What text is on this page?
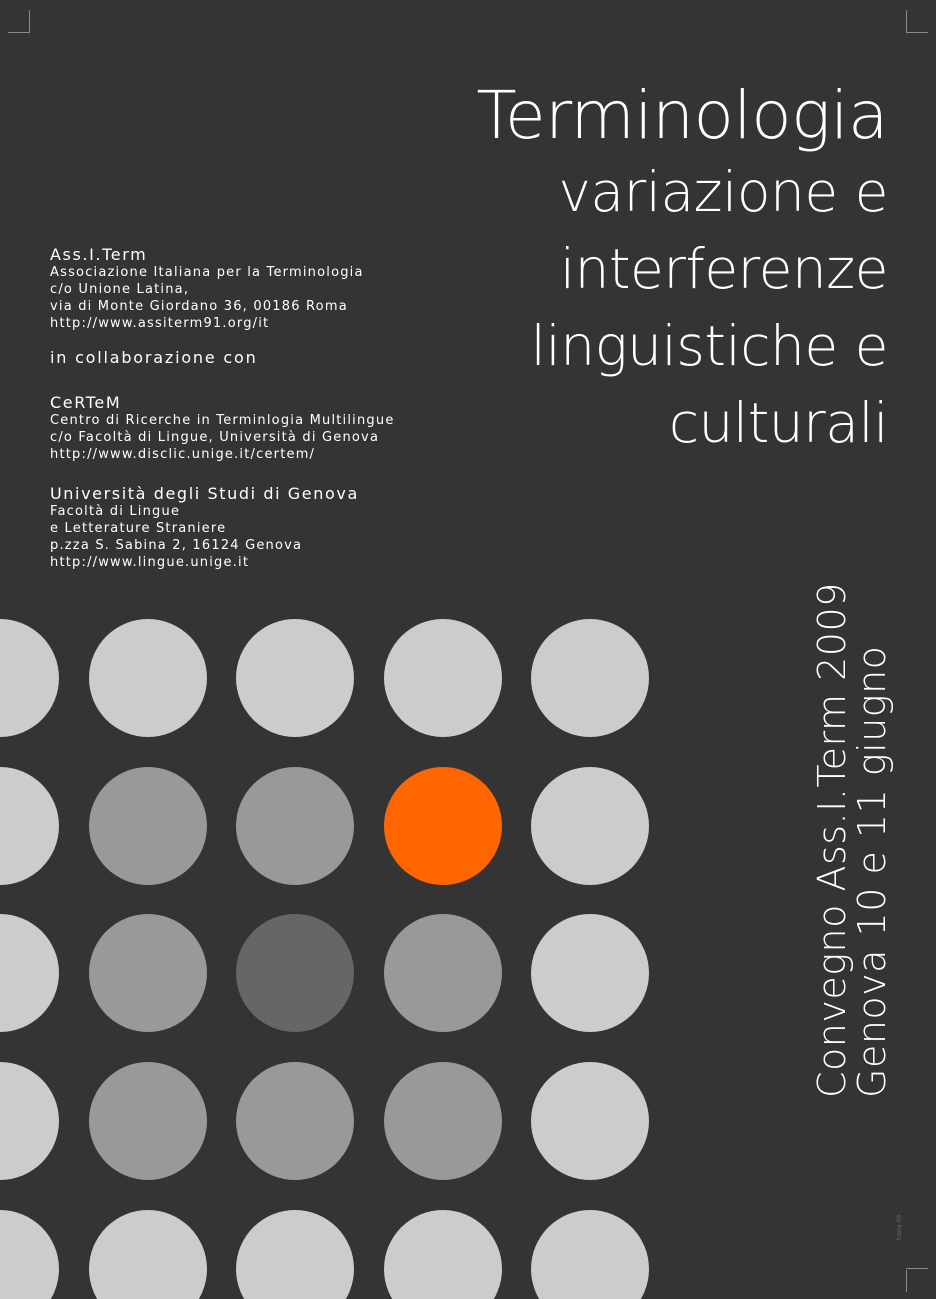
Terminologia
variazione e
interferenze
linguistiche e
culturali
Ass.I.Term
Associazione Italiana per la Terminologia
c/o Unione Latina,
via di Monte Giordano 36, 00186 Roma
http://www.assiterm91.org/it
in collaborazione con
CeRTeM
Centro di Ricerche in Terminlogia Multilingue
c/o Facoltà di Lingue, Università di Genova
http://www.disclic.unige.it/certem/
Università degli Studi di Genova
Facoltà di Lingue
e Letterature Straniere
p.zza S. Sabina 2, 16124 Genova
http://www.lingue.unige.it
Convegno Ass.I.Term 2009
Genova 10 e 11 giugno
toma 09
